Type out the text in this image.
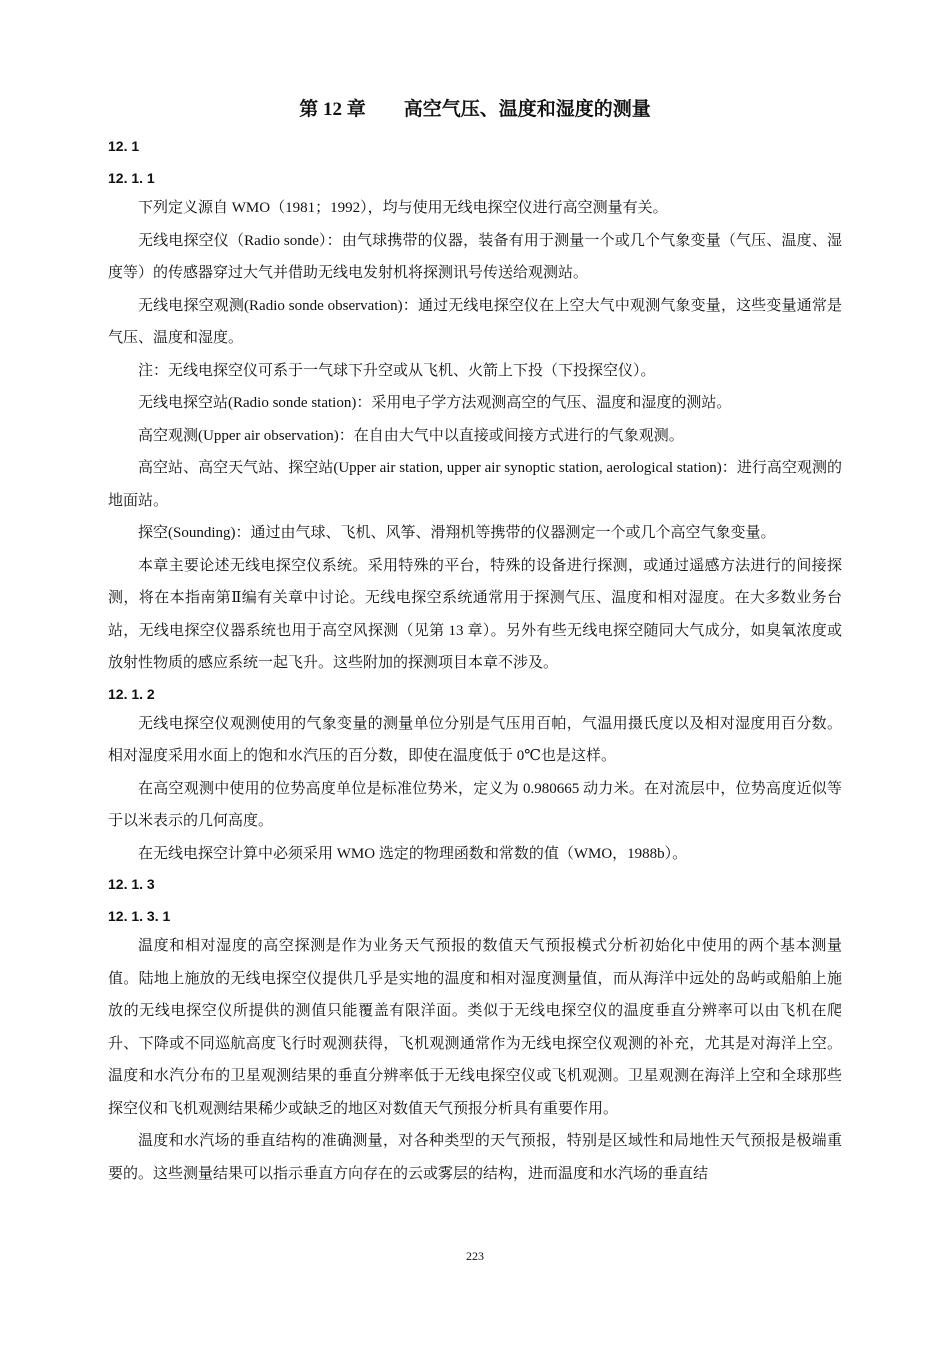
第 12 章　　高空气压、温度和湿度的测量
12. 1
12. 1. 1

下列定义源自 WMO（1981；1992），均与使用无线电探空仪进行高空测量有关。

无线电探空仪（Radio sonde）：由气球携带的仪器，装备有用于测量一个或几个气象变量（气压、温度、湿度等）的传感器穿过大气并借助无线电发射机将探测讯号传送给观测站。

无线电探空观测(Radio sonde observation)：通过无线电探空仪在上空大气中观测气象变量，这些变量通常是气压、温度和湿度。

注：无线电探空仪可系于一气球下升空或从飞机、火箭上下投（下投探空仪）。

无线电探空站(Radio sonde station)：采用电子学方法观测高空的气压、温度和湿度的测站。

高空观测(Upper air observation)：在自由大气中以直接或间接方式进行的气象观测。

高空站、高空天气站、探空站(Upper air station, upper air synoptic station, aerological station)：进行高空观测的地面站。

探空(Sounding)：通过由气球、飞机、风筝、滑翔机等携带的仪器测定一个或几个高空气象变量。

本章主要论述无线电探空仪系统。采用特殊的平台，特殊的设备进行探测，或通过遥感方法进行的间接探测，将在本指南第Ⅱ编有关章中讨论。无线电探空系统通常用于探测气压、温度和相对湿度。在大多数业务台站，无线电探空仪器系统也用于高空风探测（见第 13 章）。另外有些无线电探空随同大气成分，如臭氧浓度或放射性物质的感应系统一起飞升。这些附加的探测项目本章不涉及。

12. 1. 2

无线电探空仪观测使用的气象变量的测量单位分别是气压用百帕，气温用摄氏度以及相对湿度用百分数。相对湿度采用水面上的饱和水汽压的百分数，即使在温度低于 0℃也是这样。

在高空观测中使用的位势高度单位是标准位势米，定义为 0.980665 动力米。在对流层中，位势高度近似等于以米表示的几何高度。

在无线电探空计算中必须采用 WMO 选定的物理函数和常数的值（WMO，1988b）。

12. 1. 3
12. 1. 3. 1

温度和相对湿度的高空探测是作为业务天气预报的数值天气预报模式分析初始化中使用的两个基本测量值。陆地上施放的无线电探空仪提供几乎是实地的温度和相对湿度测量值，而从海洋中远处的岛屿或船舶上施放的无线电探空仪所提供的测值只能覆盖有限洋面。类似于无线电探空仪的温度垂直分辨率可以由飞机在爬升、下降或不同巡航高度飞行时观测获得，飞机观测通常作为无线电探空仪观测的补充，尤其是对海洋上空。温度和水汽分布的卫星观测结果的垂直分辨率低于无线电探空仪或飞机观测。卫星观测在海洋上空和全球那些探空仪和飞机观测结果稀少或缺乏的地区对数值天气预报分析具有重要作用。

温度和水汽场的垂直结构的准确测量，对各种类型的天气预报，特别是区域性和局地性天气预报是极端重要的。这些测量结果可以指示垂直方向存在的云或雾层的结构，进而温度和水汽场的垂直结

223
